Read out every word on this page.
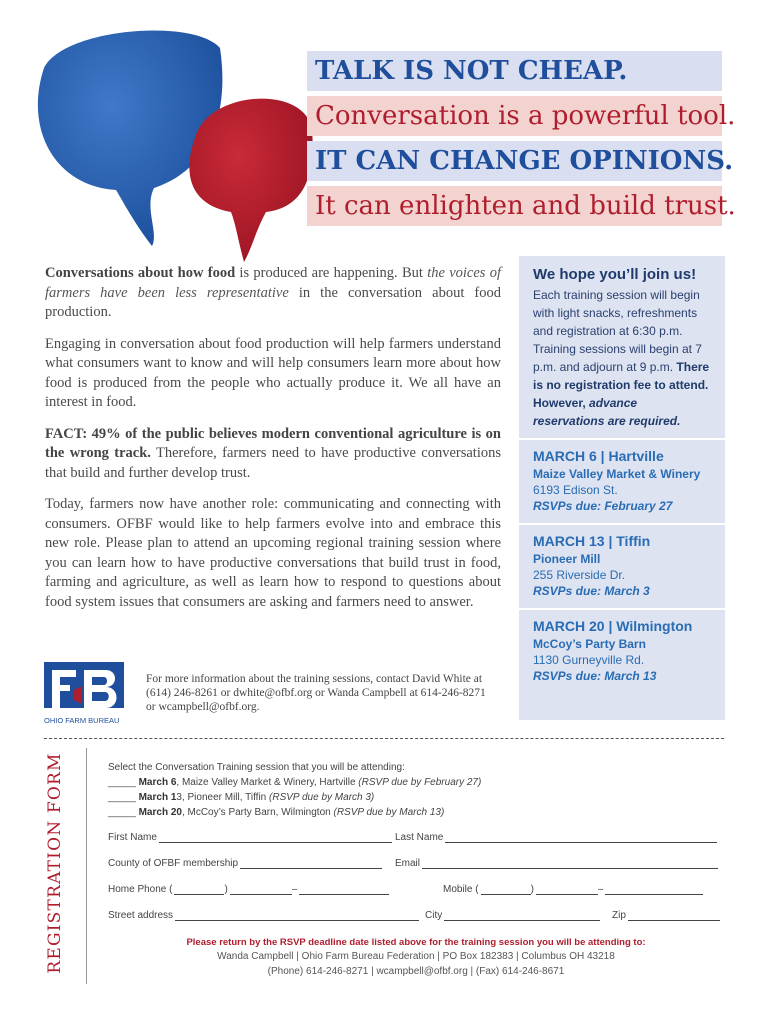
TALK IS NOT CHEAP.
Conversation is a powerful tool.
IT CAN CHANGE OPINIONS.
It can enlighten and build trust.

Conversations about how food is produced are happening. But the voices of farmers have been less representative in the conversation about food production.

Engaging in conversation about food production will help farmers understand what consumers want to know and will help consumers learn more about how food is produced from the people who actually produce it. We all have an interest in food.

FACT: 49% of the public believes modern conventional agriculture is on the wrong track. Therefore, farmers need to have productive conversations that build and further develop trust.

Today, farmers now have another role: communicating and connecting with consumers. OFBF would like to help farmers evolve into and embrace this new role. Please plan to attend an upcoming regional training session where you can learn how to have productive conversations that build trust in food, farming and agriculture, as well as learn how to respond to questions about food system issues that consumers are asking and farmers need to answer.

We hope you’ll join us!
Each training session will begin with light snacks, refreshments and registration at 6:30 p.m. Training sessions will begin at 7 p.m. and adjourn at 9 p.m. There is no registration fee to attend. However, advance reservations are required.
MARCH 6 | Hartville
Maize Valley Market & Winery
6193 Edison St.
RSVPs due: February 27
MARCH 13 | Tiffin
Pioneer Mill
255 Riverside Dr.
RSVPs due: March 3
MARCH 20 | Wilmington
McCoy’s Party Barn
1130 Gurneyville Rd.
RSVPs due: March 13
®
OHIO FARM BUREAU
For more information about the training sessions, contact David White at (614) 246-8261 or dwhite@ofbf.org or Wanda Campbell at 614-246-8271 or wcampbell@ofbf.org.
REGISTRATION FORM	Select the Conversation Training session that you will be attending:
_____ March 6, Maize Valley Market & Winery, Hartville (RSVP due by February 27)
_____ March 13, Pioneer Mill, Tiffin (RSVP due by March 3)
_____ March 20, McCoy’s Party Barn, Wilmington (RSVP due by March 13)
First Name	Last Name
County of OFBF membership	Email
Home Phone (	)	–	Mobile (	)	–
Street address	City	Zip
Please return by the RSVP deadline date listed above for the training session you will be attending to:
Wanda Campbell | Ohio Farm Bureau Federation | PO Box 182383 | Columbus OH 43218
(Phone) 614-246-8271 | wcampbell@ofbf.org | (Fax) 614-246-8671
